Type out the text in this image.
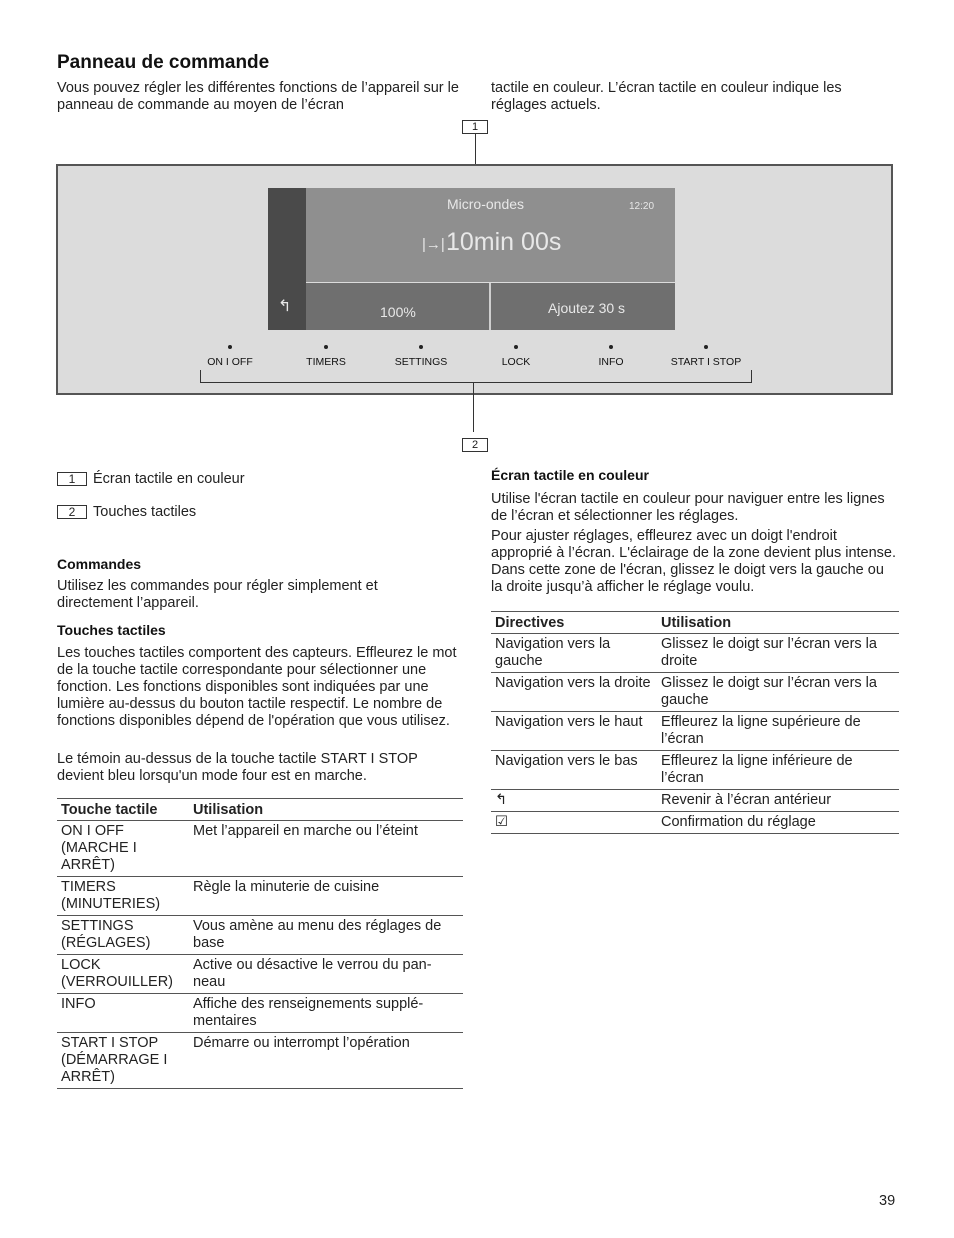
Panneau de commande

Vous pouvez régler les différentes fonctions de l’appareil sur le panneau de commande au moyen de l’écran

tactile en couleur. L’écran tactile en couleur indique les réglages actuels.

1
Micro-ondes	12:20
|→| 10min 00s
↰	100%	Ajoutez 30 s
ON I OFF	TIMERS	SETTINGS	LOCK	INFO	START I STOP
2
1 Écran tactile en couleur
2 Touches tactiles

Commandes

Utilisez les commandes pour régler simplement et directement l’appareil.

Touches tactiles

Les touches tactiles comportent des capteurs. Effleurez le mot de la touche tactile correspondante pour sélectionner une fonction. Les fonctions disponibles sont indiquées par une lumière au-dessus du bouton tactile respectif. Le nombre de fonctions disponibles dépend de l'opération que vous utilisez.

Le témoin au-dessus de la touche tactile START I STOP devient bleu lorsqu'un mode four est en marche.

Touche tactile	Utilisation
ON I OFF (MARCHE I ARRÊT)	Met l’appareil en marche ou l’éteint
TIMERS (MINUTERIES)	Règle la minuterie de cuisine
SETTINGS (RÉGLAGES)	Vous amène au menu des réglages de base
LOCK (VERROUILLER)	Active ou désactive le verrou du pan-neau
INFO	Affiche des renseignements supplé-mentaires
START I STOP (DÉMARRAGE I ARRÊT)	Démarre ou interrompt l’opération

Écran tactile en couleur

Utilise l'écran tactile en couleur pour naviguer entre les lignes de l’écran et sélectionner les réglages.

Pour ajuster réglages, effleurez avec un doigt l'endroit approprié à l’écran. L'éclairage de la zone devient plus intense. Dans cette zone de l'écran, glissez le doigt vers la gauche ou la droite jusqu’à afficher le réglage voulu.

Directives	Utilisation
Navigation vers la gauche	Glissez le doigt sur l’écran vers la droite
Navigation vers la droite	Glissez le doigt sur l’écran vers la gauche
Navigation vers le haut	Effleurez la ligne supérieure de l’écran
Navigation vers le bas	Effleurez la ligne inférieure de l’écran
↰	Revenir à l’écran antérieur
☑	Confirmation du réglage
39
